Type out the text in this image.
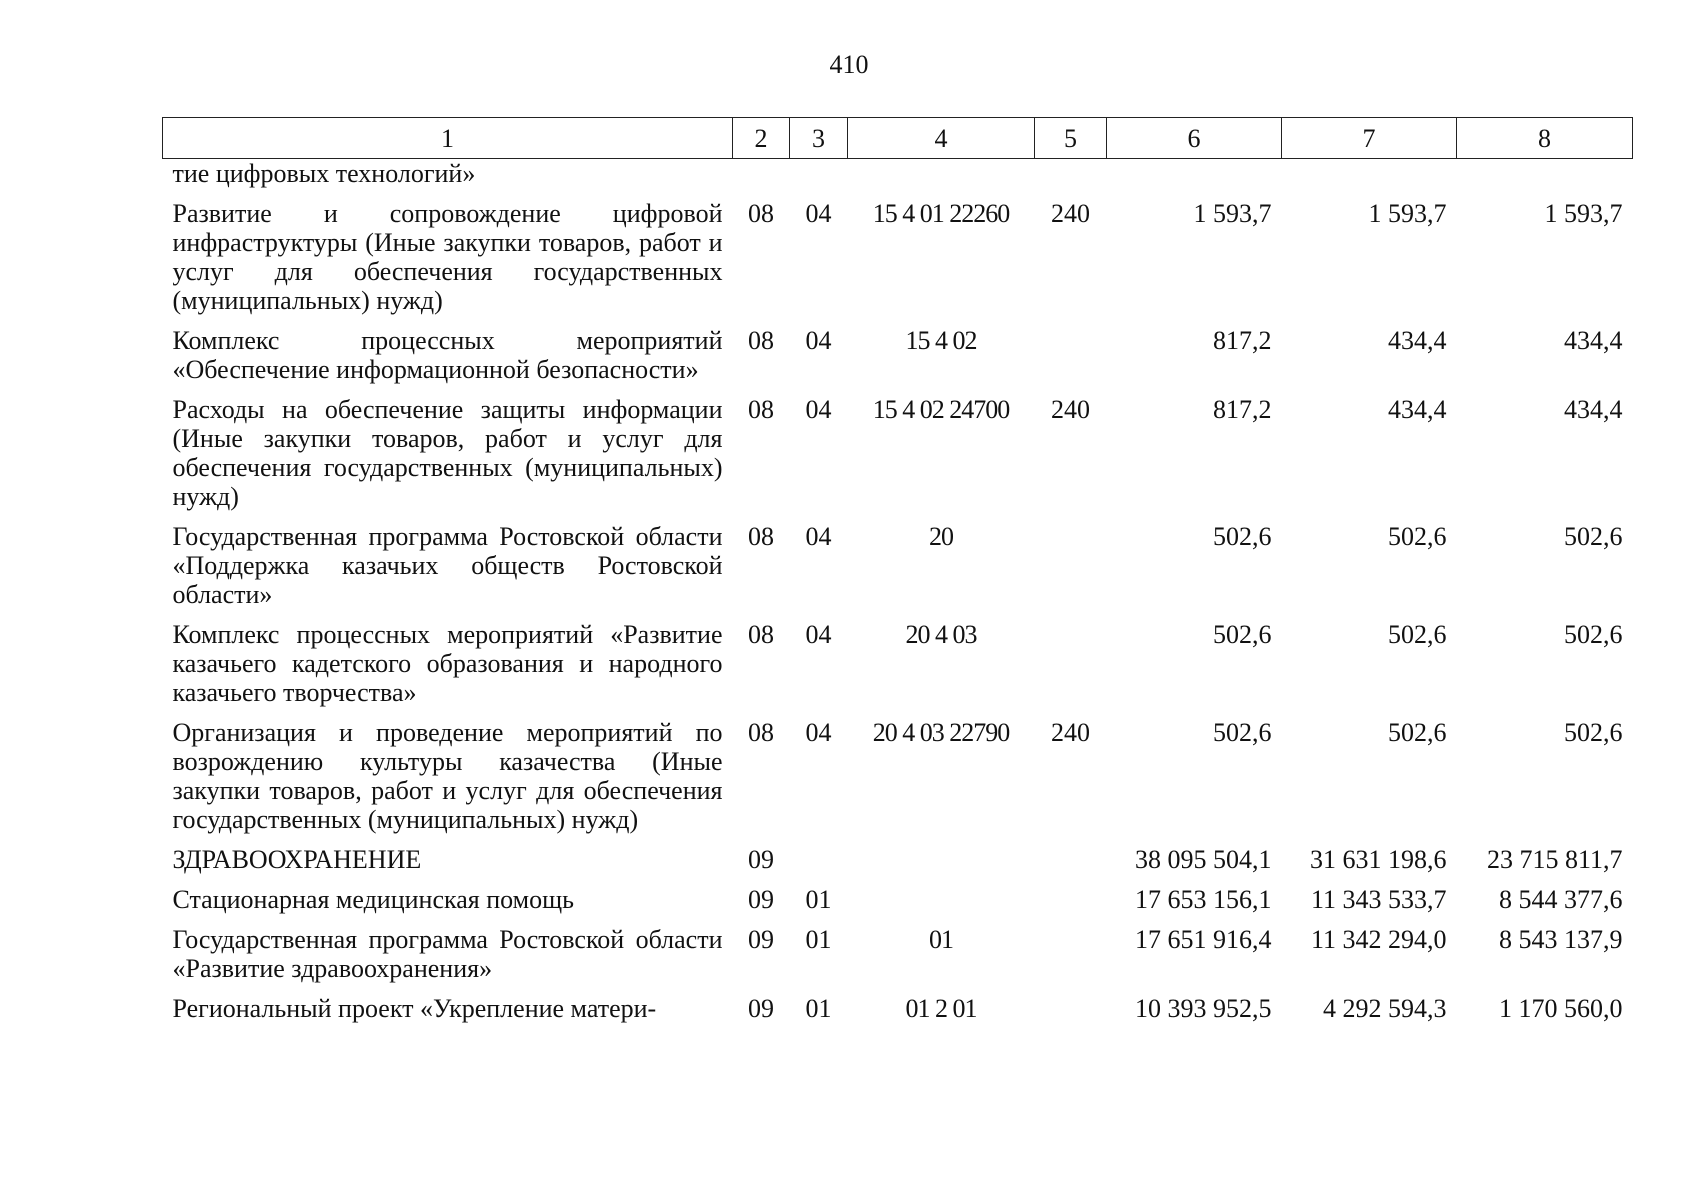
410
1	2	3	4	5	6	7	8
тие цифровых технологий»							
Развитие и сопровождение цифровой инфраструктуры (Иные закупки товаров, работ и услуг для обеспечения государственных (муниципальных) нужд)	08	04	15 4 01 22260	240	1 593,7	1 593,7	1 593,7
Комплекс процессных мероприятий «Обеспечение информационной безопасности»	08	04	15 4 02		817,2	434,4	434,4
Расходы на обеспечение защиты информации (Иные закупки товаров, работ и услуг для обеспечения государственных (муниципальных) нужд)	08	04	15 4 02 24700	240	817,2	434,4	434,4
Государственная программа Ростовской области «Поддержка казачьих обществ Ростовской области»	08	04	20		502,6	502,6	502,6
Комплекс процессных мероприятий «Развитие казачьего кадетского образования и народного казачьего творчества»	08	04	20 4 03		502,6	502,6	502,6
Организация и проведение мероприятий по возрождению культуры казачества (Иные закупки товаров, работ и услуг для обеспечения государственных (муниципальных) нужд)	08	04	20 4 03 22790	240	502,6	502,6	502,6
ЗДРАВООХРАНЕНИЕ	09				38 095 504,1	31 631 198,6	23 715 811,7
Стационарная медицинская помощь	09	01			17 653 156,1	11 343 533,7	8 544 377,6
Государственная программа Ростовской области «Развитие здравоохранения»	09	01	01		17 651 916,4	11 342 294,0	8 543 137,9
Региональный проект «Укрепление матери-	09	01	01 2 01		10 393 952,5	4 292 594,3	1 170 560,0
